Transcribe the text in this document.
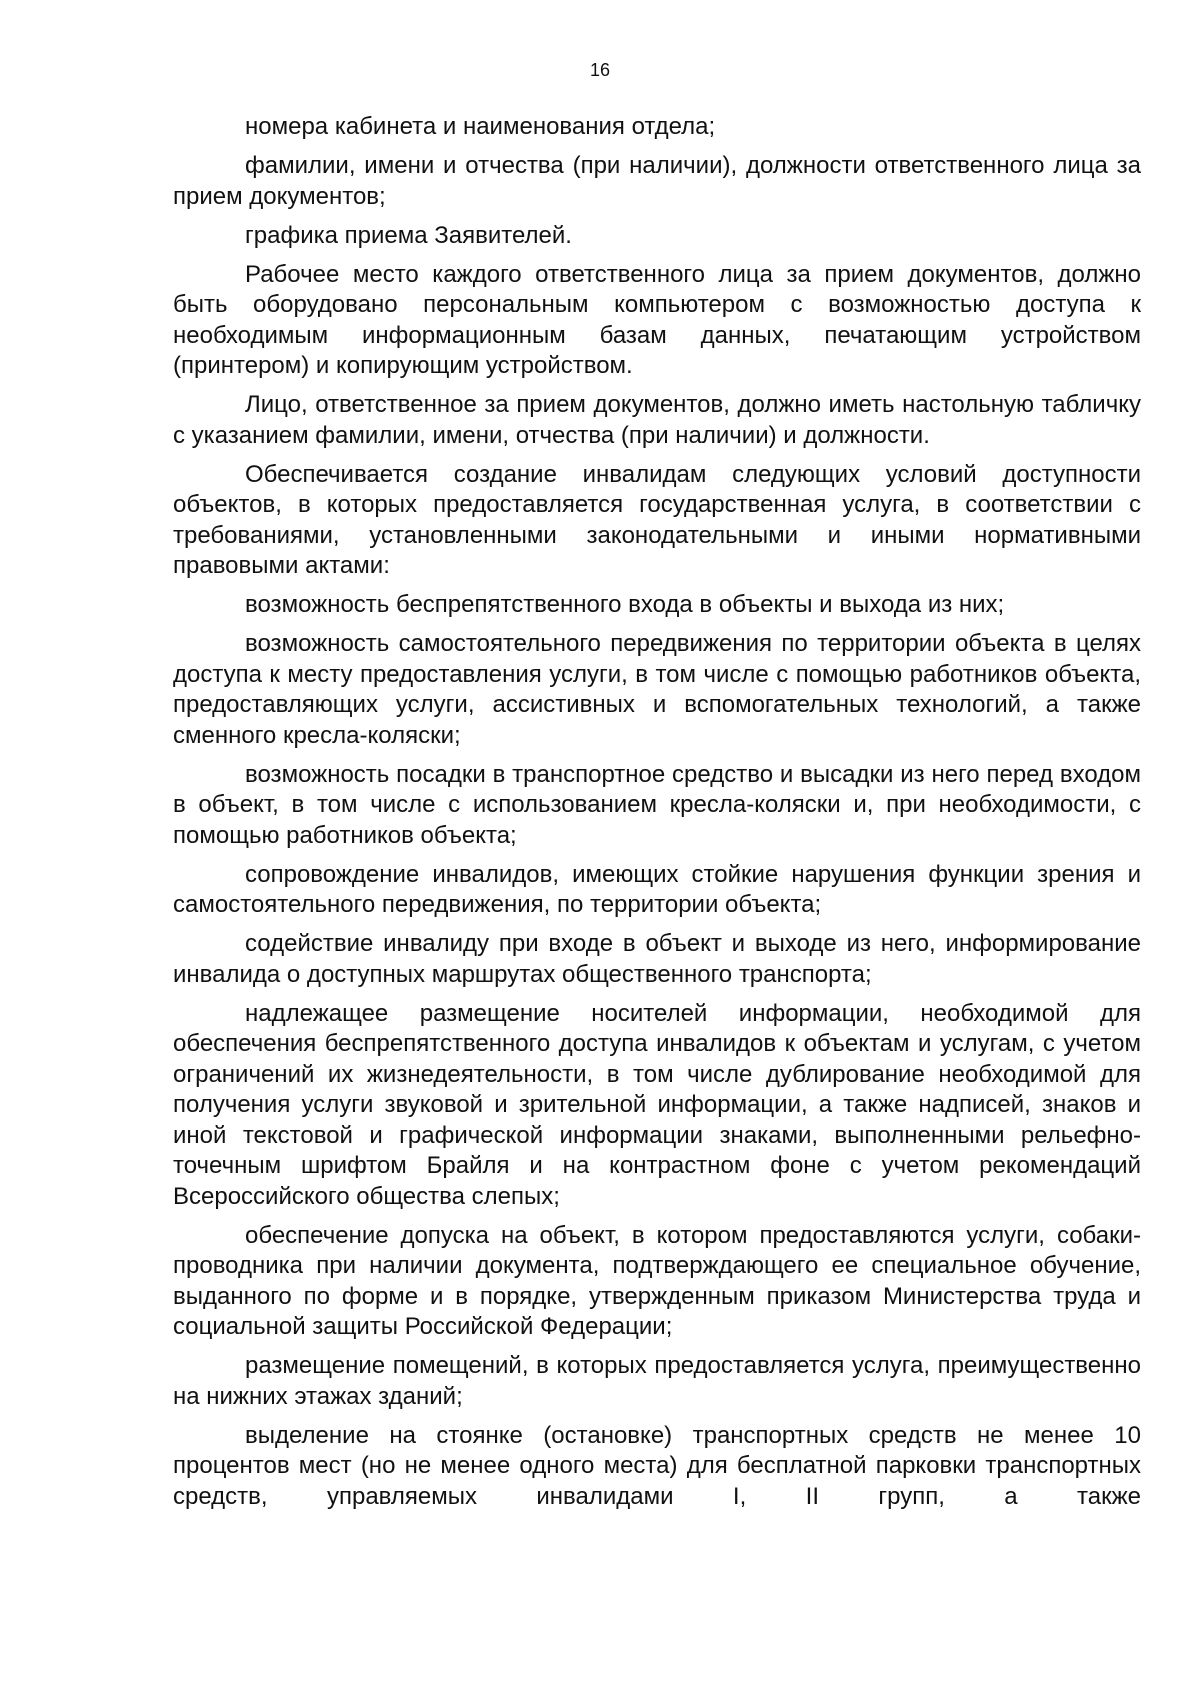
16

номера кабинета и наименования отдела;

фамилии, имени и отчества (при наличии), должности ответственного лица за прием документов;

графика приема Заявителей.

Рабочее место каждого ответственного лица за прием документов, должно быть оборудовано персональным компьютером с возможностью доступа к необходимым информационным базам данных, печатающим устройством (принтером) и копирующим устройством.

Лицо, ответственное за прием документов, должно иметь настольную табличку с указанием фамилии, имени, отчества (при наличии) и должности.

Обеспечивается создание инвалидам следующих условий доступности объектов, в которых предоставляется государственная услуга, в соответствии с требованиями, установленными законодательными и иными нормативными правовыми актами:

возможность беспрепятственного входа в объекты и выхода из них;

возможность самостоятельного передвижения по территории объекта в целях доступа к месту предоставления услуги, в том числе с помощью работников объекта, предоставляющих услуги, ассистивных и вспомогательных технологий, а также сменного кресла-коляски;

возможность посадки в транспортное средство и высадки из него перед входом в объект, в том числе с использованием кресла-коляски и, при необходимости, с помощью работников объекта;

сопровождение инвалидов, имеющих стойкие нарушения функции зрения и самостоятельного передвижения, по территории объекта;

содействие инвалиду при входе в объект и выходе из него, информирование инвалида о доступных маршрутах общественного транспорта;

надлежащее размещение носителей информации, необходимой для обеспечения беспрепятственного доступа инвалидов к объектам и услугам, с учетом ограничений их жизнедеятельности, в том числе дублирование необходимой для получения услуги звуковой и зрительной информации, а также надписей, знаков и иной текстовой и графической информации знаками, выполненными рельефно-точечным шрифтом Брайля и на контрастном фоне с учетом рекомендаций Всероссийского общества слепых;

обеспечение допуска на объект, в котором предоставляются услуги, собаки-проводника при наличии документа, подтверждающего ее специальное обучение, выданного по форме и в порядке, утвержденным приказом Министерства труда и социальной защиты Российской Федерации;

размещение помещений, в которых предоставляется услуга, преимущественно на нижних этажах зданий;

выделение на стоянке (остановке) транспортных средств не менее 10 процентов мест (но не менее одного места) для бесплатной парковки транспортных средств, управляемых инвалидами I, II групп, а также
